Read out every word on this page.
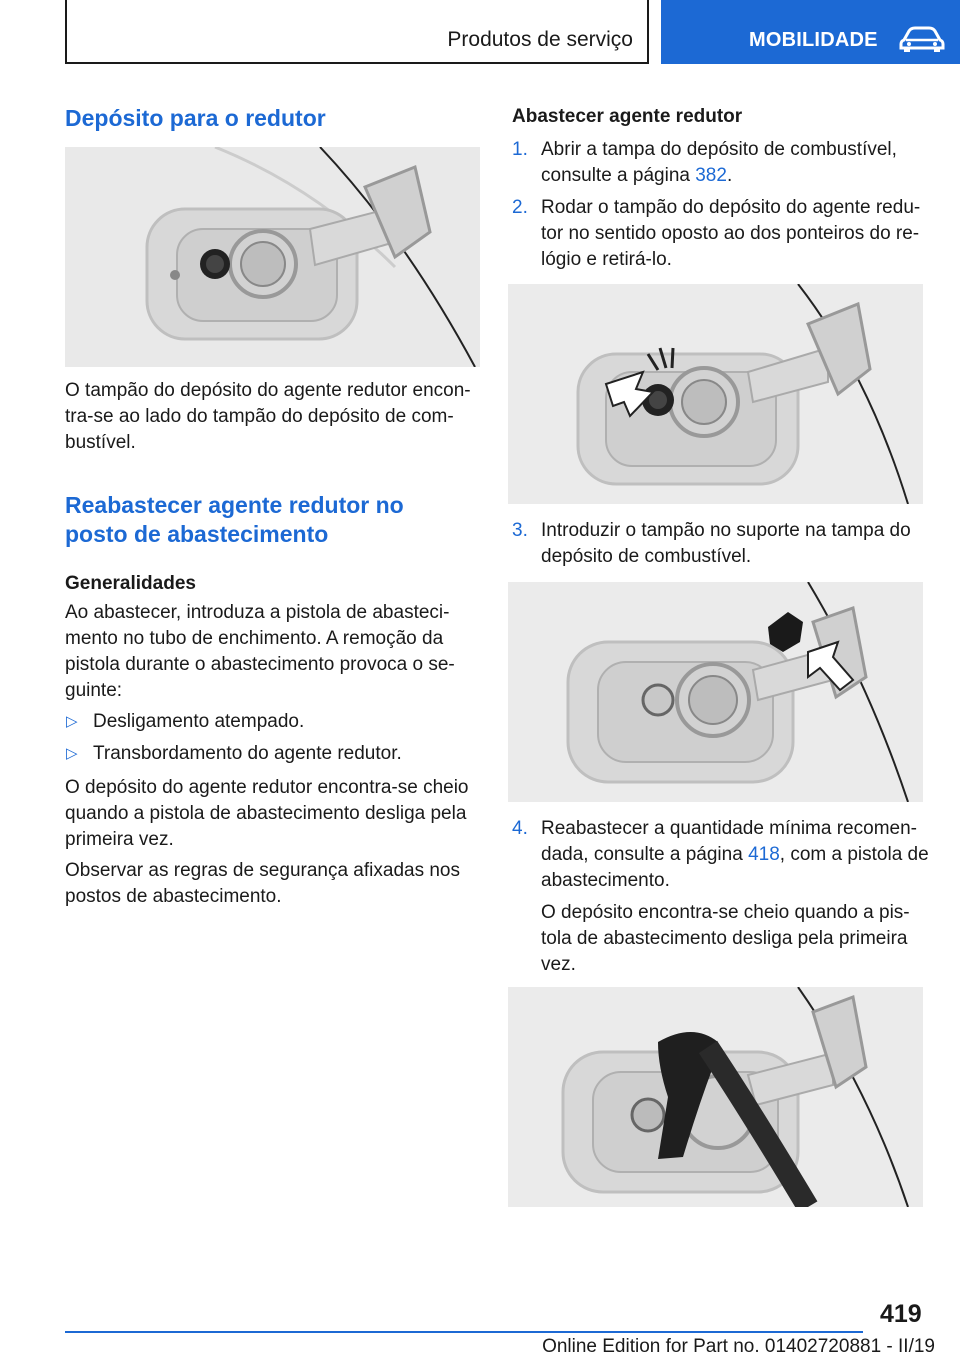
Produtos de serviço	MOBILIDADE
Depósito para o redutor
O tampão do depósito do agente redutor encon-
tra-se ao lado do tampão do depósito de com-
bustível.
Reabastecer agente redutor no
posto de abastecimento
Generalidades
Ao abastecer, introduza a pistola de abasteci-
mento no tubo de enchimento. A remoção da
pistola durante o abastecimento provoca o se-
guinte:
▷ Desligamento atempado.
▷ Transbordamento do agente redutor.
O depósito do agente redutor encontra-se cheio
quando a pistola de abastecimento desliga pela
primeira vez.
Observar as regras de segurança afixadas nos
postos de abastecimento.
Abastecer agente redutor
1. Abrir a tampa do depósito de combustível,
consulte a página 382.
2. Rodar o tampão do depósito do agente redu-
tor no sentido oposto ao dos ponteiros do re-
lógio e retirá-lo.
3. Introduzir o tampão no suporte na tampa do
depósito de combustível.
4. Reabastecer a quantidade mínima recomen-
dada, consulte a página 418, com a pistola de
abastecimento.
O depósito encontra-se cheio quando a pis-
tola de abastecimento desliga pela primeira
vez.
419
Online Edition for Part no. 01402720881 - II/19
